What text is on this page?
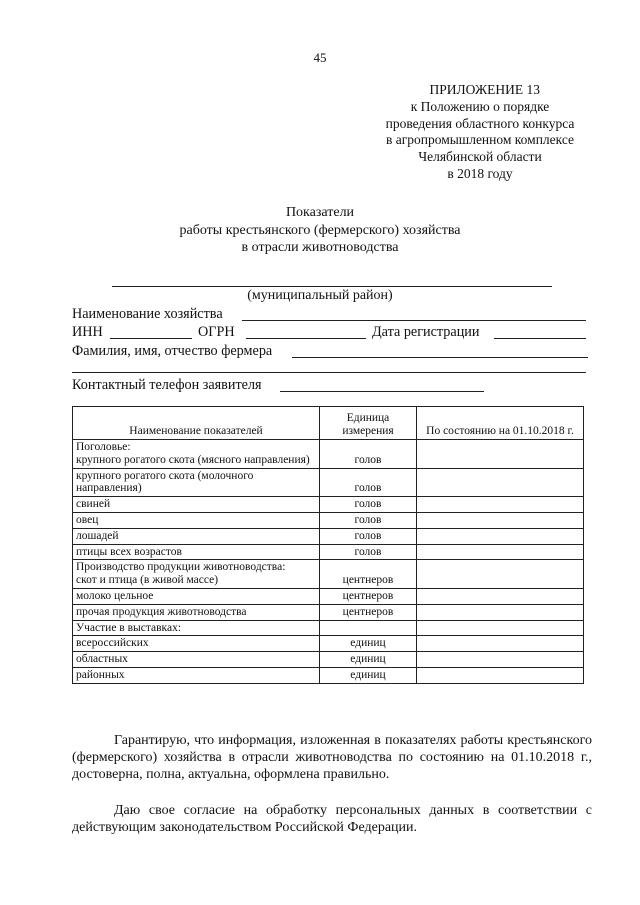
45
ПРИЛОЖЕНИЕ 13
к Положению о порядке
проведения областного конкурса
в агропромышленном комплексе
Челябинской области
в 2018 году
Показатели
работы крестьянского (фермерского) хозяйства
в отрасли животноводства
(муниципальный район)
Наименование хозяйства
ИНН	ОГРН	Дата регистрации
Фамилия, имя, отчество фермера
Контактный телефон заявителя
Наименование показателей	Единица измерения	По состоянию на 01.10.2018 г.
Поголовье:
крупного рогатого скота (мясного направления)	голов	
крупного рогатого скота (молочного направления)	голов	
свиней	голов	
овец	голов	
лошадей	голов	
птицы всех возрастов	голов	
Производство продукции животноводства:
скот и птица (в живой массе)	центнеров	
молоко цельное	центнеров	
прочая продукция животноводства	центнеров	
Участие в выставках:		
всероссийских	единиц	
областных	единиц	
районных	единиц	
Гарантирую, что информация, изложенная в показателях работы крестьянского (фермерского) хозяйства в отрасли животноводства по состоянию на 01.10.2018 г., достоверна, полна, актуальна, оформлена правильно.
Даю свое согласие на обработку персональных данных в соответствии с действующим законодательством Российской Федерации.
